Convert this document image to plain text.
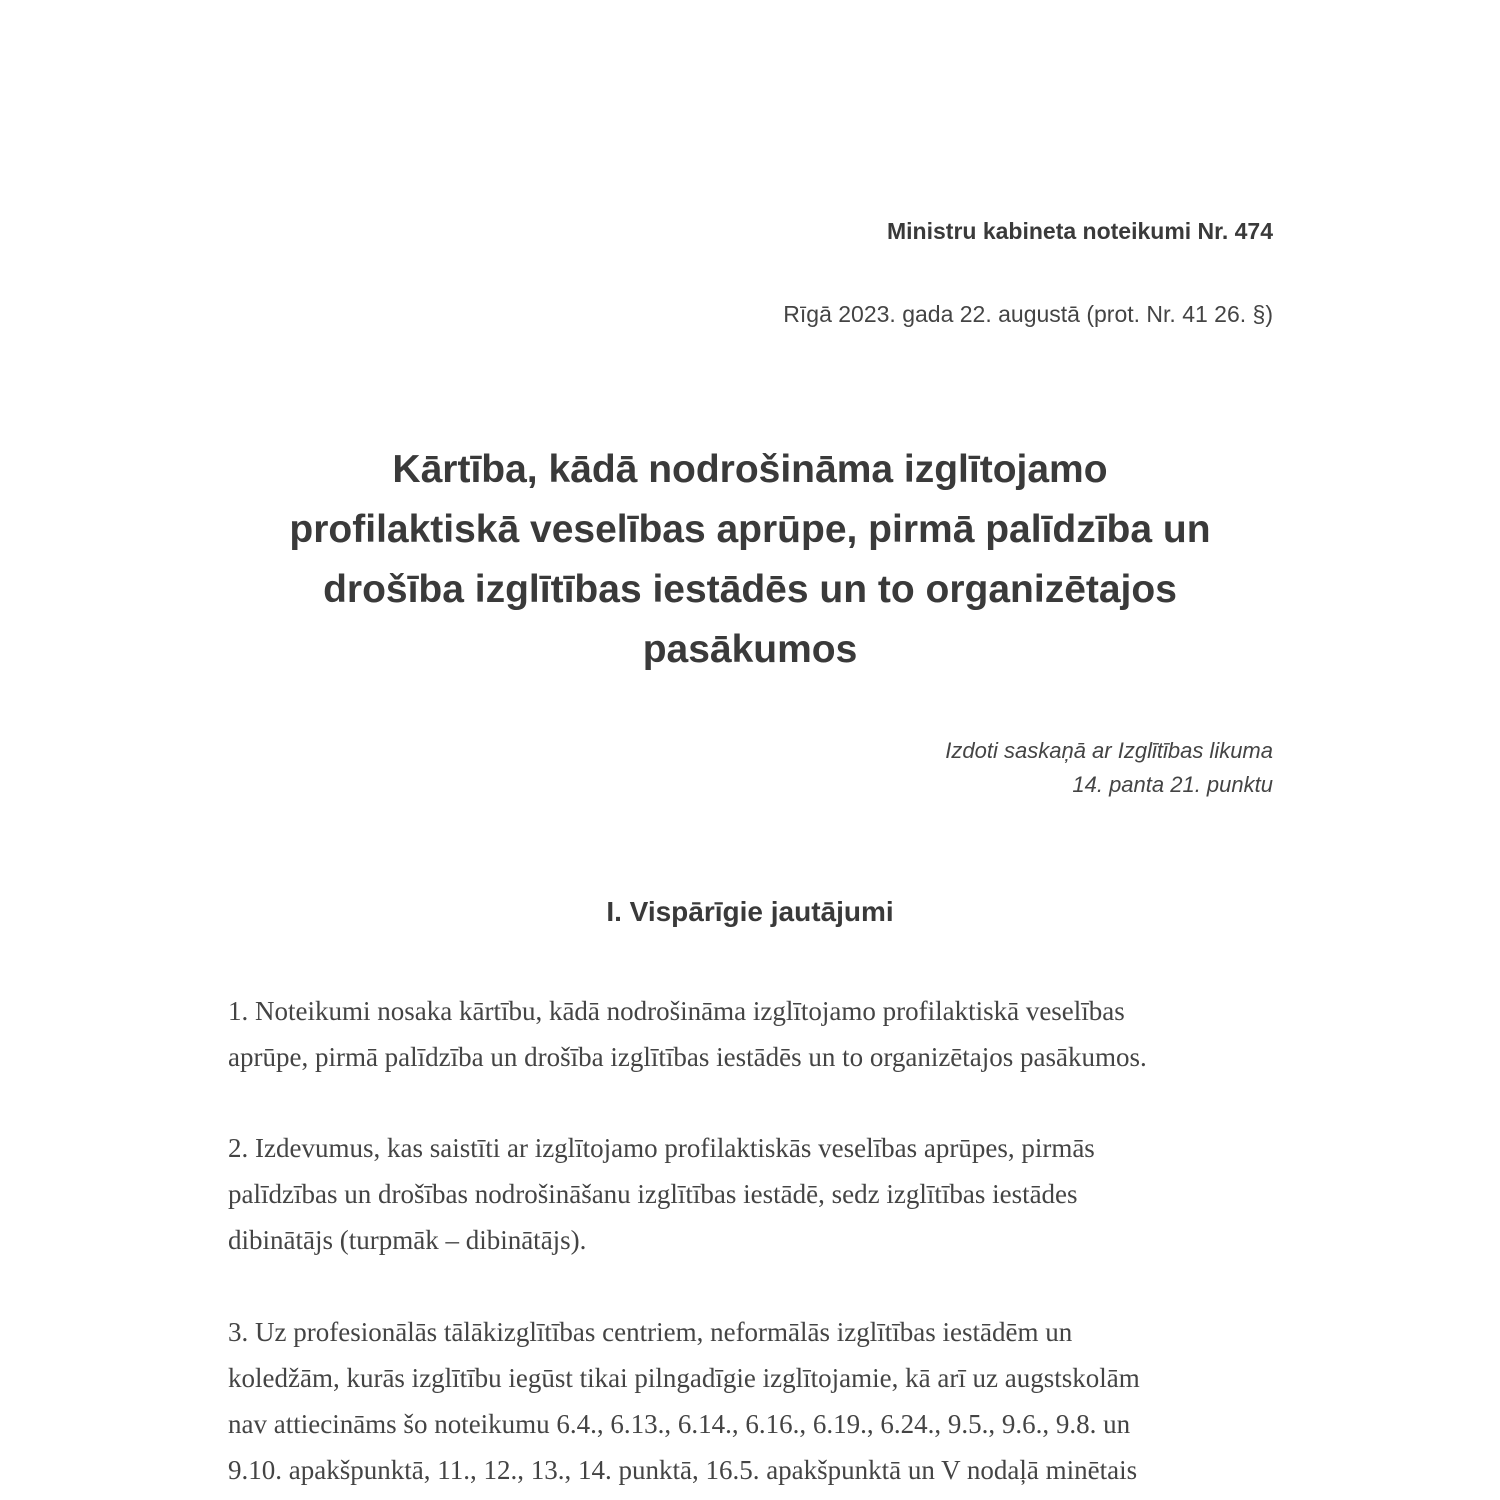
Ministru kabineta noteikumi Nr. 474
Rīgā 2023. gada 22. augustā (prot. Nr. 41 26. §)
Kārtība, kādā nodrošināma izglītojamo
profilaktiskā veselības aprūpe, pirmā palīdzība un
drošība izglītības iestādēs un to organizētajos
pasākumos
Izdoti saskaņā ar Izglītības likuma
14. panta 21. punktu
I. Vispārīgie jautājumi

1. Noteikumi nosaka kārtību, kādā nodrošināma izglītojamo profilaktiskā veselības
aprūpe, pirmā palīdzība un drošība izglītības iestādēs un to organizētajos pasākumos.

2. Izdevumus, kas saistīti ar izglītojamo profilaktiskās veselības aprūpes, pirmās
palīdzības un drošības nodrošināšanu izglītības iestādē, sedz izglītības iestādes
dibinātājs (turpmāk – dibinātājs).

3. Uz profesionālās tālākizglītības centriem, neformālās izglītības iestādēm un
koledžām, kurās izglītību iegūst tikai pilngadīgie izglītojamie, kā arī uz augstskolām
nav attiecināms šo noteikumu 6.4., 6.13., 6.14., 6.16., 6.19., 6.24., 9.5., 9.6., 9.8. un
9.10. apakšpunktā, 11., 12., 13., 14. punktā, 16.5. apakšpunktā un V nodaļā minētais
